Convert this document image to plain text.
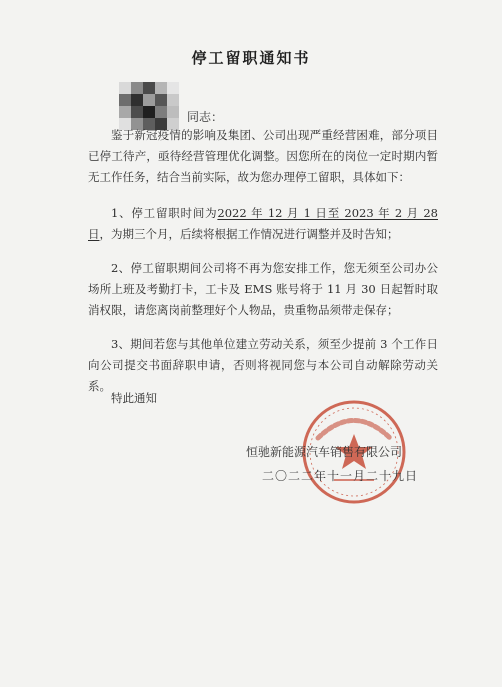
停工留职通知书
同志：
鉴于新冠疫情的影响及集团、公司出现严重经营困难，部分项目已停工待产，亟待经营管理优化调整。因您所在的岗位一定时期内暂无工作任务，结合当前实际，故为您办理停工留职，具体如下：
1、停工留职时间为2022 年 12 月 1 日至 2023 年 2 月 28 日，为期三个月，后续将根据工作情况进行调整并及时告知；
2、停工留职期间公司将不再为您安排工作，您无须至公司办公场所上班及考勤打卡，工卡及 EMS 账号将于 11 月 30 日起暂时取消权限，请您离岗前整理好个人物品，贵重物品须带走保存；
3、期间若您与其他单位建立劳动关系，须至少提前 3 个工作日向公司提交书面辞职申请，否则将视同您与本公司自动解除劳动关系。
特此通知
恒驰新能源汽车销售有限公司
二〇二二年十一月二十九日
